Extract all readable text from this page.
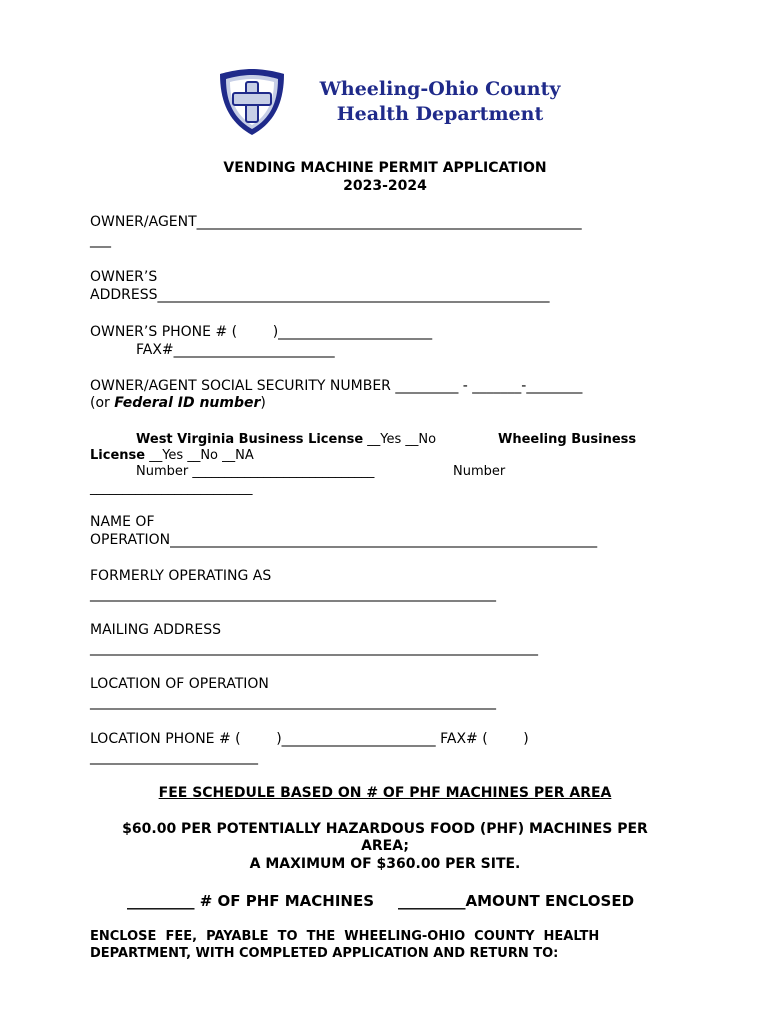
Wheeling-Ohio County
Health Department
VENDING MACHINE PERMIT APPLICATION
2023-2024
OWNER/AGENT_______________________________________________________
___
OWNER’S
ADDRESS________________________________________________________
OWNER’S PHONE # (        )______________________
FAX#_______________________
OWNER/AGENT SOCIAL SECURITY NUMBER _________ - _______-________
(or Federal ID number)
West Virginia Business License __Yes __No	Wheeling Business
License __Yes __No __NA
Number ____________________________	Number
_________________________
NAME OF
OPERATION_____________________________________________________________
FORMERLY OPERATING AS
__________________________________________________________
MAILING ADDRESS
________________________________________________________________
LOCATION OF OPERATION
__________________________________________________________
LOCATION PHONE # (        )______________________ FAX# (        )
________________________
FEE SCHEDULE BASED ON # OF PHF MACHINES PER AREA
$60.00 PER POTENTIALLY HAZARDOUS FOOD (PHF) MACHINES PER
AREA;
A MAXIMUM OF $360.00 PER SITE.
_________ # OF PHF MACHINES _________AMOUNT ENCLOSED
ENCLOSE  FEE,  PAYABLE  TO  THE  WHEELING-OHIO  COUNTY  HEALTH
DEPARTMENT, WITH COMPLETED APPLICATION AND RETURN TO:
